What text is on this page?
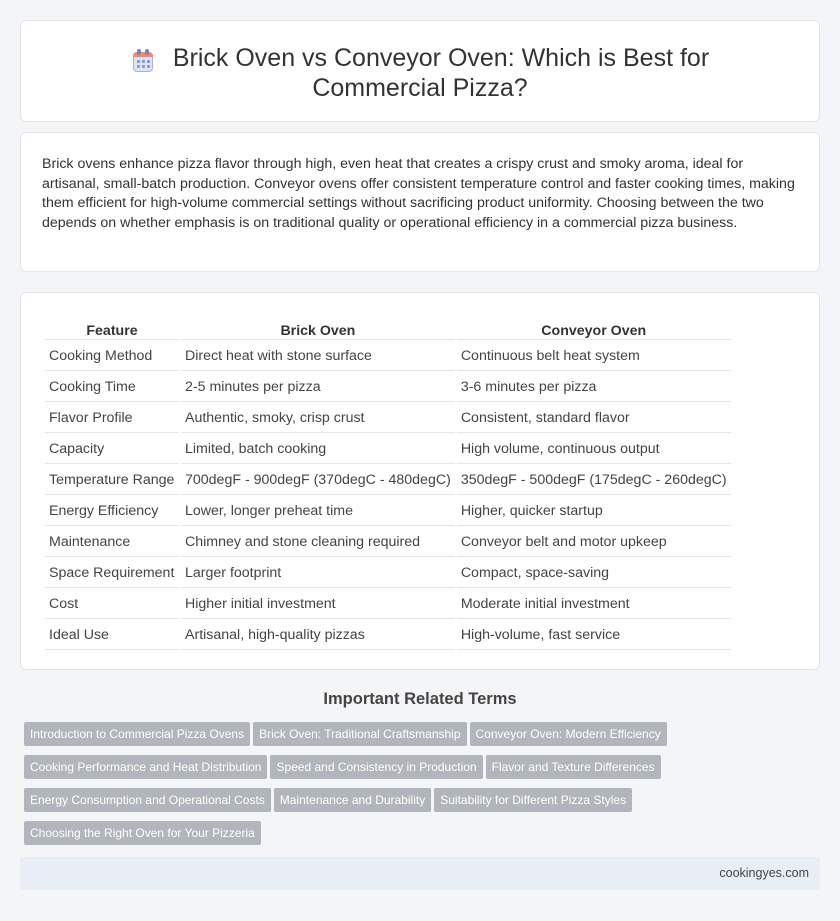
Brick Oven vs Conveyor Oven: Which is Best for Commercial Pizza?

Brick ovens enhance pizza flavor through high, even heat that creates a crispy crust and smoky aroma, ideal for artisanal, small-batch production. Conveyor ovens offer consistent temperature control and faster cooking times, making them efficient for high-volume commercial settings without sacrificing product uniformity. Choosing between the two depends on whether emphasis is on traditional quality or operational efficiency in a commercial pizza business.

Feature	Brick Oven	Conveyor Oven
Cooking Method	Direct heat with stone surface	Continuous belt heat system
Cooking Time	2-5 minutes per pizza	3-6 minutes per pizza
Flavor Profile	Authentic, smoky, crisp crust	Consistent, standard flavor
Capacity	Limited, batch cooking	High volume, continuous output
Temperature Range	700degF - 900degF (370degC - 480degC)	350degF - 500degF (175degC - 260degC)
Energy Efficiency	Lower, longer preheat time	Higher, quicker startup
Maintenance	Chimney and stone cleaning required	Conveyor belt and motor upkeep
Space Requirement	Larger footprint	Compact, space-saving
Cost	Higher initial investment	Moderate initial investment
Ideal Use	Artisanal, high-quality pizzas	High-volume, fast service
Important Related Terms
Introduction to Commercial Pizza Ovens Brick Oven: Traditional Craftsmanship Conveyor Oven: Modern Efficiency
Cooking Performance and Heat Distribution Speed and Consistency in Production Flavor and Texture Differences
Energy Consumption and Operational Costs Maintenance and Durability Suitability for Different Pizza Styles
Choosing the Right Oven for Your Pizzeria
cookingyes.com
